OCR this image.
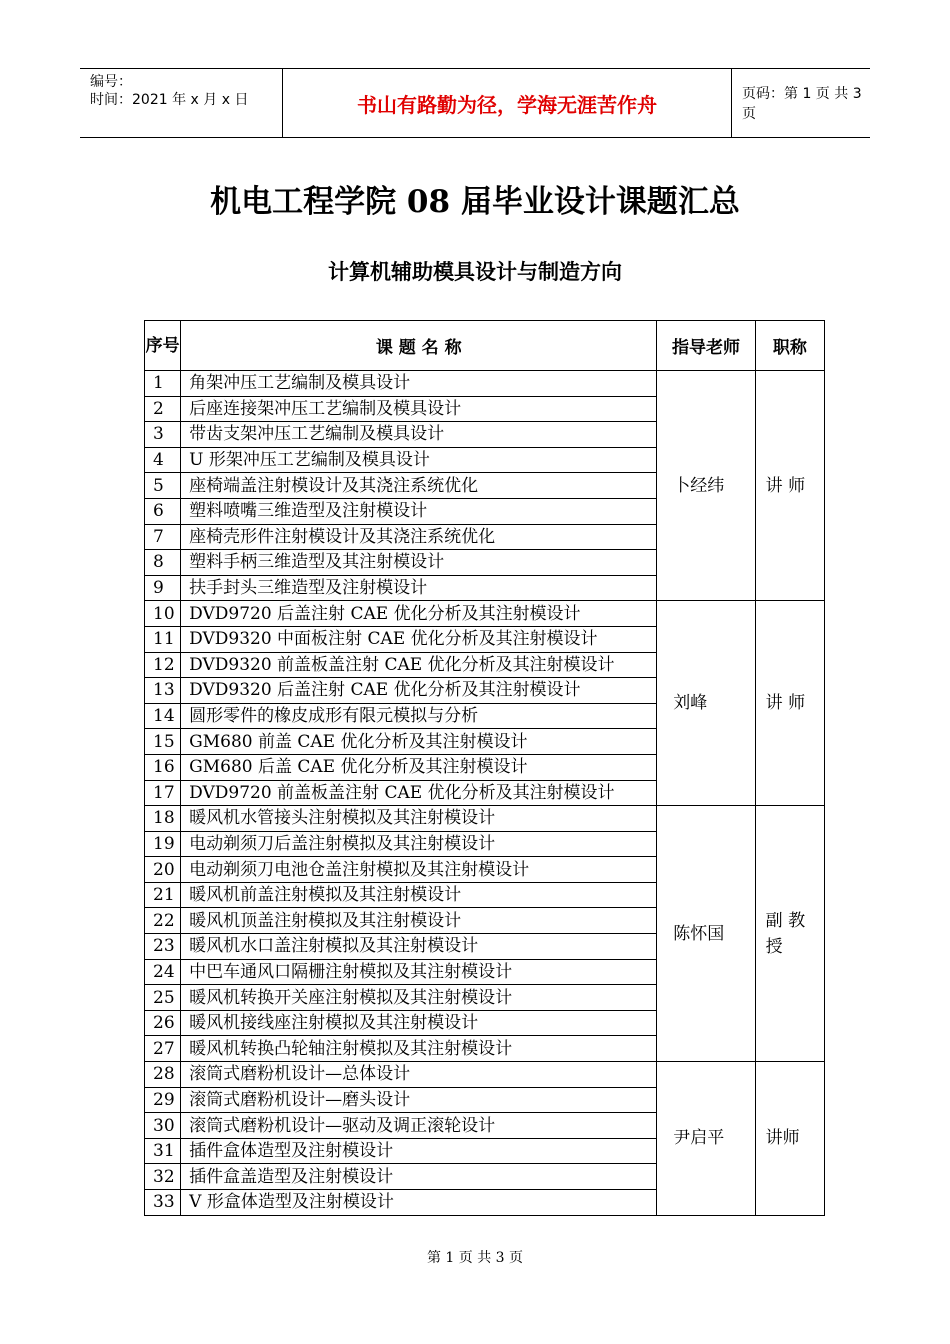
编号：
时间：2021 年 x 月 x 日	书山有路勤为径，学海无涯苦作舟	页码：第 1 页 共 3 页
机电工程学院 08 届毕业设计课题汇总
计算机辅助模具设计与制造方向
序号	课 题 名 称	指导老师	职称
1	角架冲压工艺编制及模具设计	卜经纬	讲 师
2	后座连接架冲压工艺编制及模具设计		
3	带齿支架冲压工艺编制及模具设计		
4	U 形架冲压工艺编制及模具设计		
5	座椅端盖注射模设计及其浇注系统优化		
6	塑料喷嘴三维造型及注射模设计		
7	座椅壳形件注射模设计及其浇注系统优化		
8	塑料手柄三维造型及其注射模设计		
9	扶手封头三维造型及注射模设计		
10	DVD9720 后盖注射 CAE 优化分析及其注射模设计	刘峰	讲 师
11	DVD9320 中面板注射 CAE 优化分析及其注射模设计		
12	DVD9320 前盖板盖注射 CAE 优化分析及其注射模设计		
13	DVD9320 后盖注射 CAE 优化分析及其注射模设计		
14	圆形零件的橡皮成形有限元模拟与分析		
15	GM680 前盖 CAE 优化分析及其注射模设计		
16	GM680 后盖 CAE 优化分析及其注射模设计		
17	DVD9720 前盖板盖注射 CAE 优化分析及其注射模设计		
18	暖风机水管接头注射模拟及其注射模设计	陈怀国	副 教 授
19	电动剃须刀后盖注射模拟及其注射模设计		
20	电动剃须刀电池仓盖注射模拟及其注射模设计		
21	暖风机前盖注射模拟及其注射模设计		
22	暖风机顶盖注射模拟及其注射模设计		
23	暖风机水口盖注射模拟及其注射模设计		
24	中巴车通风口隔栅注射模拟及其注射模设计		
25	暖风机转换开关座注射模拟及其注射模设计		
26	暖风机接线座注射模拟及其注射模设计		
27	暖风机转换凸轮轴注射模拟及其注射模设计		
28	滚筒式磨粉机设计—总体设计	尹启平	讲师
29	滚筒式磨粉机设计—磨头设计		
30	滚筒式磨粉机设计—驱动及调正滚轮设计		
31	插件盒体造型及注射模设计		
32	插件盒盖造型及注射模设计		
33	V 形盒体造型及注射模设计		
第 1 页 共 3 页
